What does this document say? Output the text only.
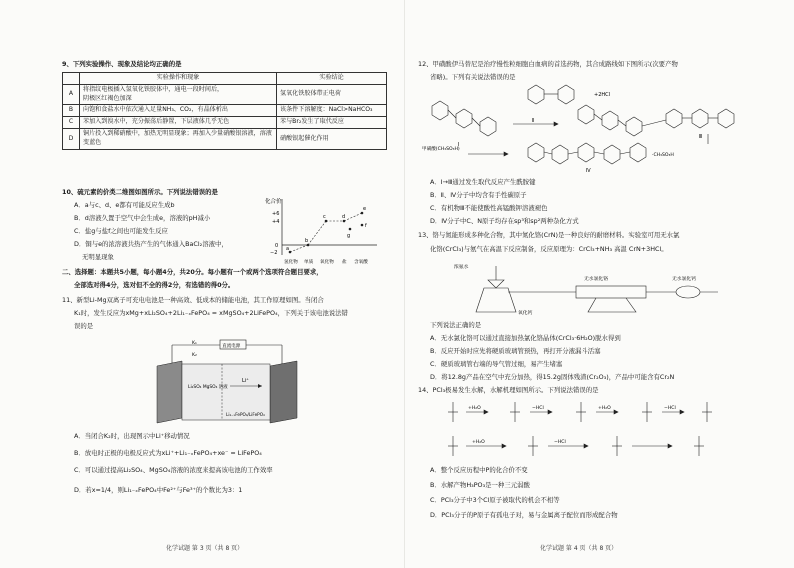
9、下列实验操作、现象及结论均正确的是
	实验操作和现象	实验结论
A	将指纹电极插入氢氧化铁胶体中，通电一段时间后，
阴极区红褐色加深	氢氧化铁胶体带正电荷
B	向饱和食盐水中依次通入足量NH₃、CO₂，有晶体析出	该条件下溶解度：NaCl>NaHCO₃
C	苯加入到溴水中，充分振荡后静置，下层液体几乎无色	苯与Br₂发生了取代反应
D	铜片投入到稀硝酸中，加热无明显现象；再加入少量硝酸银溶液，溶液变蓝色	硝酸银起催化作用
10、硫元素的价类二维图如图所示。下列说法错误的是
A．a与c、d、e都有可能反应生成b
B．d溶液久置于空气中会生成e，溶液的pH减小
C．盐g与盐f之间也可能发生反应
D．铜与e的浓溶液共热产生的气体通入BaCl₂溶液中，
无明显现象
化合价
+6
+4
0
−2
a
b
c	d
e
f
g
氢化物 单质 氧化物 盐 含氧酸
二、选择题：本题共5小题，每小题4分，共20分。每小题有一个或两个选项符合题目要求，
全部选对得4分，选对但不全的得2分，有选错的得0分。
11、新型Li-Mg双离子可充电电池是一种高效、低成本的储能电池，其工作原理如图。当闭合
K₁时，发生反应为xMg+xLi₂SO₄+2Li₁₋ₓFePO₄ = xMgSO₄+2LiFePO₄，下列关于该电池说法错
误的是
直流电源
K₁
K₂
Li₂SO₄ MgSO₄ 溶液
Li⁺
Li₁₋ₓFePO₄/LiFePO₄
A．当闭合K₂时，出现图示中Li⁺移动情况
B．放电时正极的电极反应式为xLi⁺+Li₁₋ₓFePO₄+xe⁻ = LiFePO₄
C．可以通过提高Li₂SO₄、MgSO₄溶液的浓度来提高该电池的工作效率
D．若x=1/4，则Li₁₋ₓFePO₄中Fe²⁺与Fe³⁺的个数比为3：1
化学试题 第 3 页（共 8 页）
12、甲磺酸伊马替尼是治疗慢性粒细胞白血病的首选药物，其合成路线如下图所示(次要产物
省略)。下列有关说法错误的是
+2HCl
Ⅰ
Ⅱ
Ⅲ
Ⅳ
甲磺酸(CH₃SO₃H)
·CH₃SO₃H
A．Ⅰ→Ⅲ通过发生取代反应产生酰胺键
B．Ⅱ、Ⅳ分子中均含有手性碳原子
C．有机物Ⅲ不能使酸性高锰酸钾溶液褪色
D．Ⅳ分子中C、N原子均存在sp³和sp²两种杂化方式
13、铬与氮能形成多种化合物，其中氮化铬(CrN)是一种良好的耐磨材料。实验室可用无水氯
化铬(CrCl₃)与氨气在高温下反应制备，反应原理为：CrCl₃+NH₃ 高温 CrN+3HCl。
浓氨水
氧化钙
无水氯化铬	无水氯化钙
下列说法正确的是
A．无水氯化铬可以通过直接加热氯化铬晶体(CrCl₃·6H₂O)脱水得到
B．反应开始时应先将硬质玻璃管预热，再打开分液漏斗活塞
C．硬质玻璃管右端的导气管过细，易产生堵塞
D．将12.8g产品在空气中充分加热，得15.2g固体残渣(Cr₂O₃)，产品中可能含有Cr₂N
14、PCl₃极易发生水解，水解机理如图所示。下列说法错误的是
+H₂O	−HCl	+H₂O	−HCl
+H₂O	−HCl
A．整个反应历程中P的化合价不变
B．水解产物H₃PO₃是一种三元弱酸
C．PCl₃分子中3个Cl原子被取代的机会不相等
D．PCl₃分子的P原子有孤电子对，易与金属离子配位而形成配合物
化学试题 第 4 页（共 8 页）
